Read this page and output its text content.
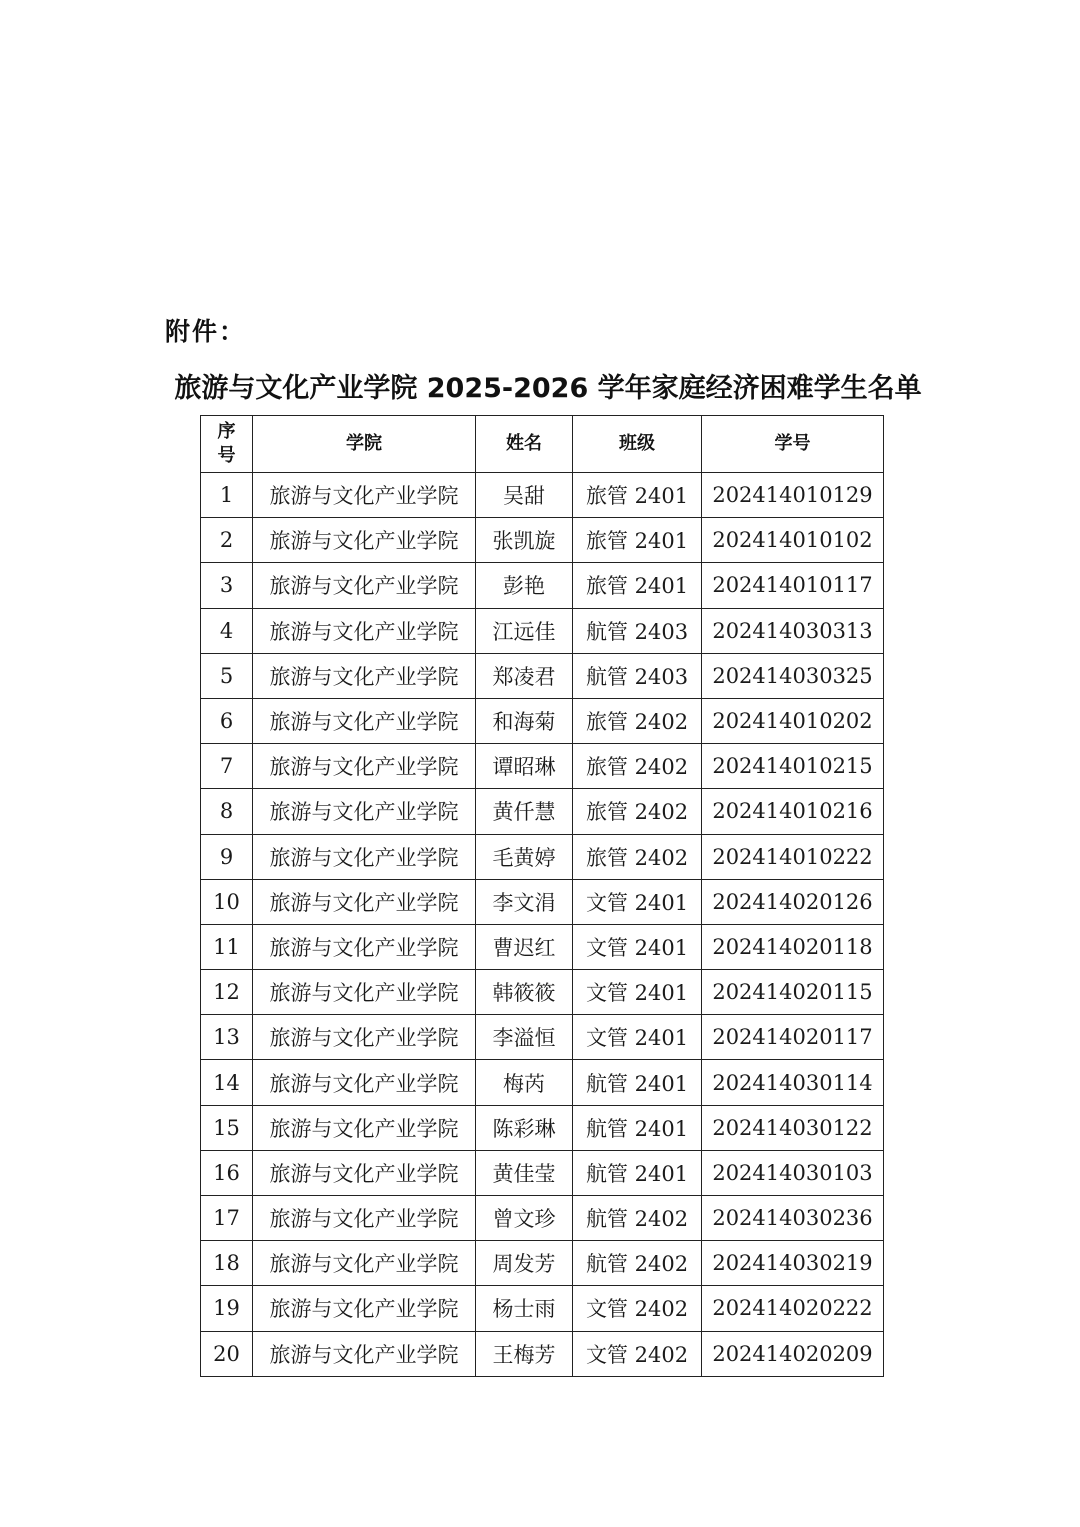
附件：
旅游与文化产业学院 2025-2026 学年家庭经济困难学生名单
序
号	学院	姓名	班级	学号
1	旅游与文化产业学院	吴甜	旅管 2401	202414010129
2	旅游与文化产业学院	张凯旋	旅管 2401	202414010102
3	旅游与文化产业学院	彭艳	旅管 2401	202414010117
4	旅游与文化产业学院	江远佳	航管 2403	202414030313
5	旅游与文化产业学院	郑凌君	航管 2403	202414030325
6	旅游与文化产业学院	和海菊	旅管 2402	202414010202
7	旅游与文化产业学院	谭昭琳	旅管 2402	202414010215
8	旅游与文化产业学院	黄仟慧	旅管 2402	202414010216
9	旅游与文化产业学院	毛黄婷	旅管 2402	202414010222
10	旅游与文化产业学院	李文涓	文管 2401	202414020126
11	旅游与文化产业学院	曹迟红	文管 2401	202414020118
12	旅游与文化产业学院	韩筱筱	文管 2401	202414020115
13	旅游与文化产业学院	李溢恒	文管 2401	202414020117
14	旅游与文化产业学院	梅芮	航管 2401	202414030114
15	旅游与文化产业学院	陈彩琳	航管 2401	202414030122
16	旅游与文化产业学院	黄佳莹	航管 2401	202414030103
17	旅游与文化产业学院	曾文珍	航管 2402	202414030236
18	旅游与文化产业学院	周发芳	航管 2402	202414030219
19	旅游与文化产业学院	杨士雨	文管 2402	202414020222
20	旅游与文化产业学院	王梅芳	文管 2402	202414020209
